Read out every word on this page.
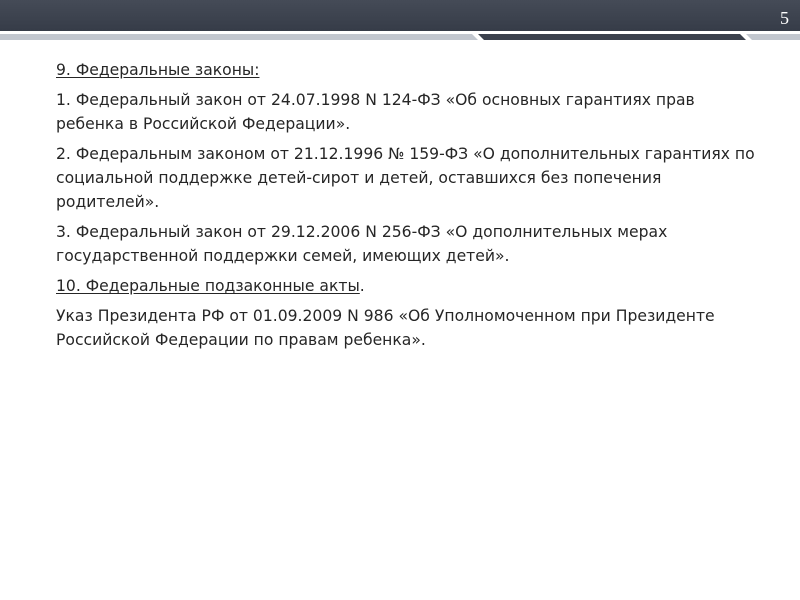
5

9. Федеральные законы:

1. Федеральный закон от 24.07.1998 N 124-ФЗ «Об основных гарантиях прав ребенка в Российской Федерации».

2. Федеральным законом от 21.12.1996 № 159-ФЗ «О дополнительных гарантиях по социальной поддержке детей-сирот и детей, оставшихся без попечения родителей».

3. Федеральный закон от 29.12.2006 N 256-ФЗ «О дополнительных мерах государственной поддержки семей, имеющих детей».

10. Федеральные подзаконные акты.

Указ Президента РФ от 01.09.2009 N 986 «Об Уполномоченном при Президенте Российской Федерации по правам ребенка».
